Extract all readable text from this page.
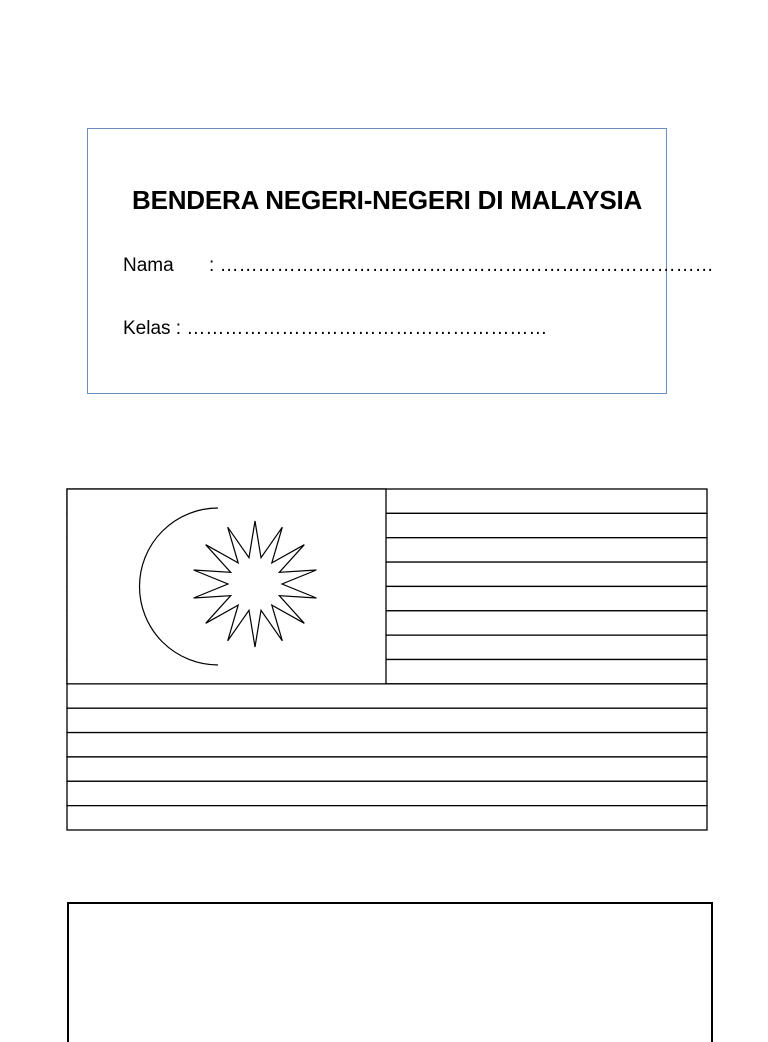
BENDERA NEGERI-NEGERI DI MALAYSIA
Nama : ……………………………………………………………………
Kelas : …………………………………………………
